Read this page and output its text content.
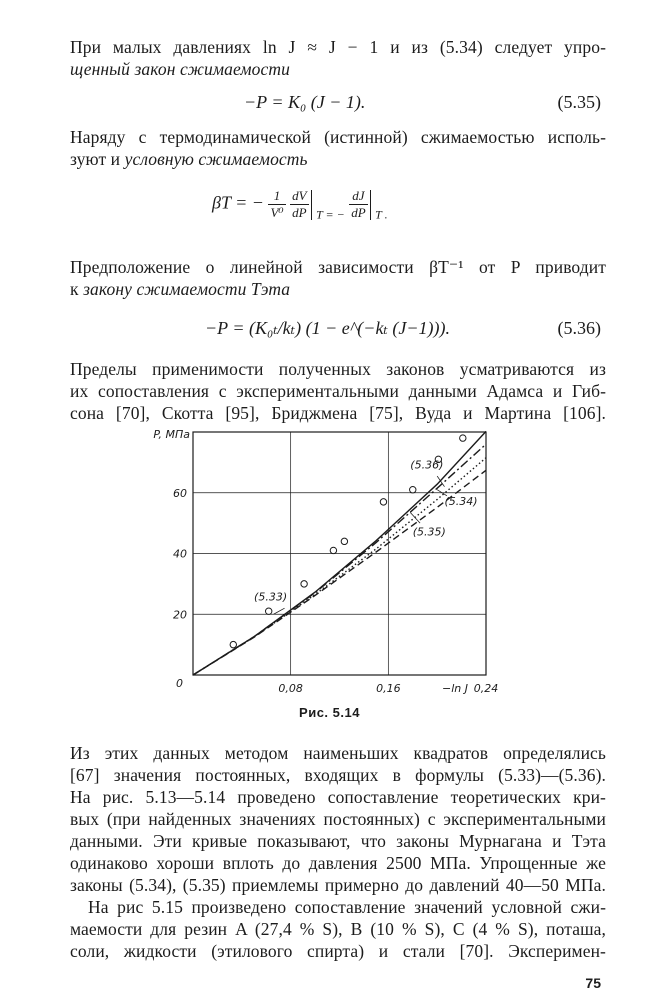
При малых давлениях ln J ≈ J − 1 и из (5.34) следует упро-
щенный закон сжимаемости
−P = K₀ (J − 1).	(5.35)
Наряду с термодинамической (истинной) сжимаемостью исполь-
зуют и условную сжимаемость
βT = − $\frac{1}{\text{V⁰}}$
$\frac{dV}{dP} _{T = -} \frac{dJ}{dP} _{T .}$
Предположение о линейной зависимости βT⁻¹ от P приводит
к закону сжимаемости Тэта
−P = (K₀ₜ/kₜ) (1 − e^(−kₜ (J−1))).	(5.36)
Пределы применимости полученных законов усматриваются из
их сопоставления с экспериментальными данными Адамса и Гиб-
сона [70], Скотта [95], Бриджмена [75], Вуда и Мартина [106].
0,08	0,16	0,24
20
40
60
0
P, МПа
−ln J
(5.33)
(5.36)
(5.34)
(5.35)
Рис. 5.14
Из этих данных методом наименьших квадратов определялись
[67] значения постоянных, входящих в формулы (5.33)—(5.36).
На рис. 5.13—5.14 проведено сопоставление теоретических кри-
вых (при найденных значениях постоянных) с экспериментальными
данными. Эти кривые показывают, что законы Мурнагана и Тэта
одинаково хороши вплоть до давления 2500 МПа. Упрощенные же
законы (5.34), (5.35) приемлемы примерно до давлений 40—50 МПа.
На рис 5.15 произведено сопоставление значений условной сжи-
маемости для резин A (27,4 % S), B (10 % S), C (4 % S), поташа,
соли, жидкости (этилового спирта) и стали [70]. Эксперимен-
75
